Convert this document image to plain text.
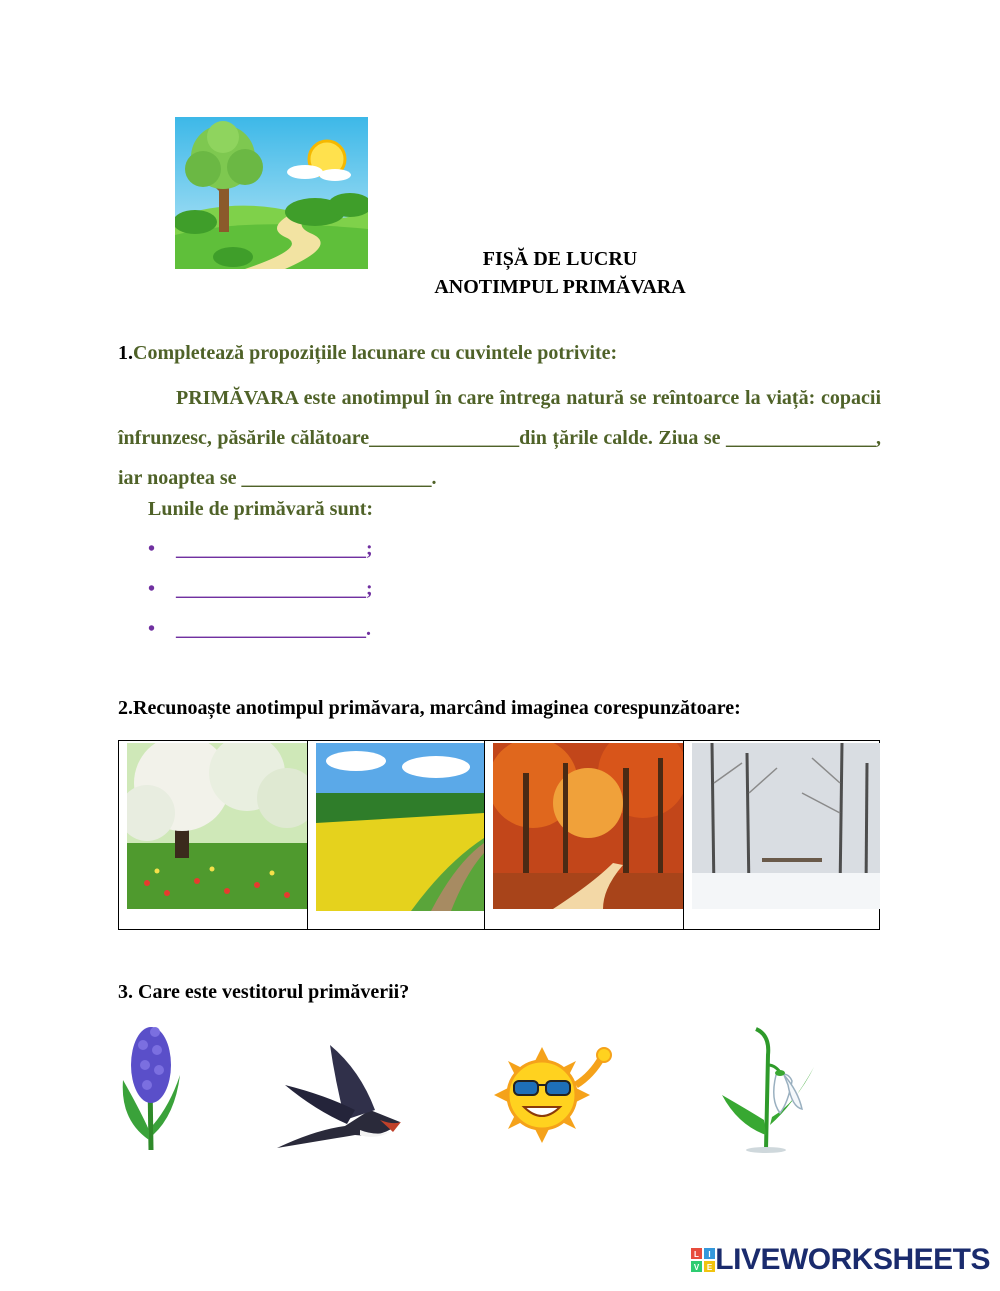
FIȘĂ DE LUCRU
ANOTIMPUL PRIMĂVARA
1.Completează propozițiile lacunare cu cuvintele potrivite:
PRIMĂVARA este anotimpul în care întrega natură se reîntoarce la viață: copacii înfrunzesc, păsările călătoare_______________din țările calde. Ziua se _______________, iar noaptea se ___________________.
Lunile de primăvară sunt:
• ___________________;
• ___________________;
• ___________________.
2.Recunoaște anotimpul primăvara, marcând imaginea corespunzătoare:
3. Care este vestitorul primăverii?
L I
V E LIVEWORKSHEETS
